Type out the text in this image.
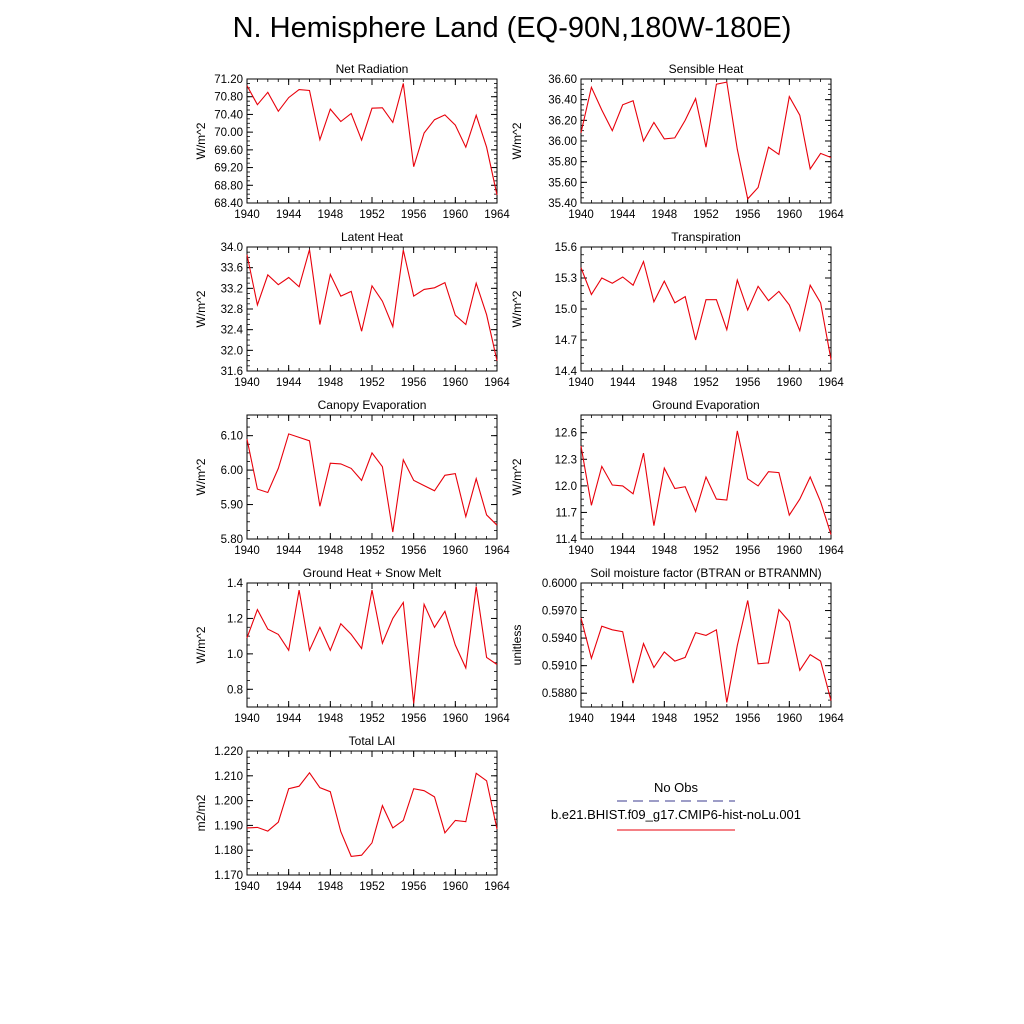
N. Hemisphere Land (EQ-90N,180W-180E)
1940 1944 1948 1952 1956 1960 1964
71.20
70.80
70.40
70.00
69.60
69.20
68.80
68.40
Net Radiation
W/m^2
1940 1944 1948 1952 1956 1960 1964
36.60
36.40
36.20
36.00
35.80
35.60
35.40
Sensible Heat
W/m^2
1940 1944 1948 1952 1956 1960 1964
34.0
33.6
33.2
32.8
32.4
32.0
31.6
Latent Heat
W/m^2
1940 1944 1948 1952 1956 1960 1964
15.6
15.3
15.0
14.7
14.4
Transpiration
W/m^2
1940 1944 1948 1952 1956 1960 1964
6.10
6.00
5.90
5.80
Canopy Evaporation
W/m^2
1940 1944 1948 1952 1956 1960 1964
12.6
12.3
12.0
11.7
11.4
Ground Evaporation
W/m^2
1940 1944 1948 1952 1956 1960 1964
1.4
1.2
1.0
0.8
Ground Heat + Snow Melt
W/m^2
1940 1944 1948 1952 1956 1960 1964
0.6000
0.5970
0.5940
0.5910
0.5880
Soil moisture factor (BTRAN or BTRANMN)
unitless
1940 1944 1948 1952 1956 1960 1964
1.220
1.210
1.200
1.190
1.180
1.170
Total LAI
m2/m2
No Obs
b.e21.BHIST.f09_g17.CMIP6-hist-noLu.001
